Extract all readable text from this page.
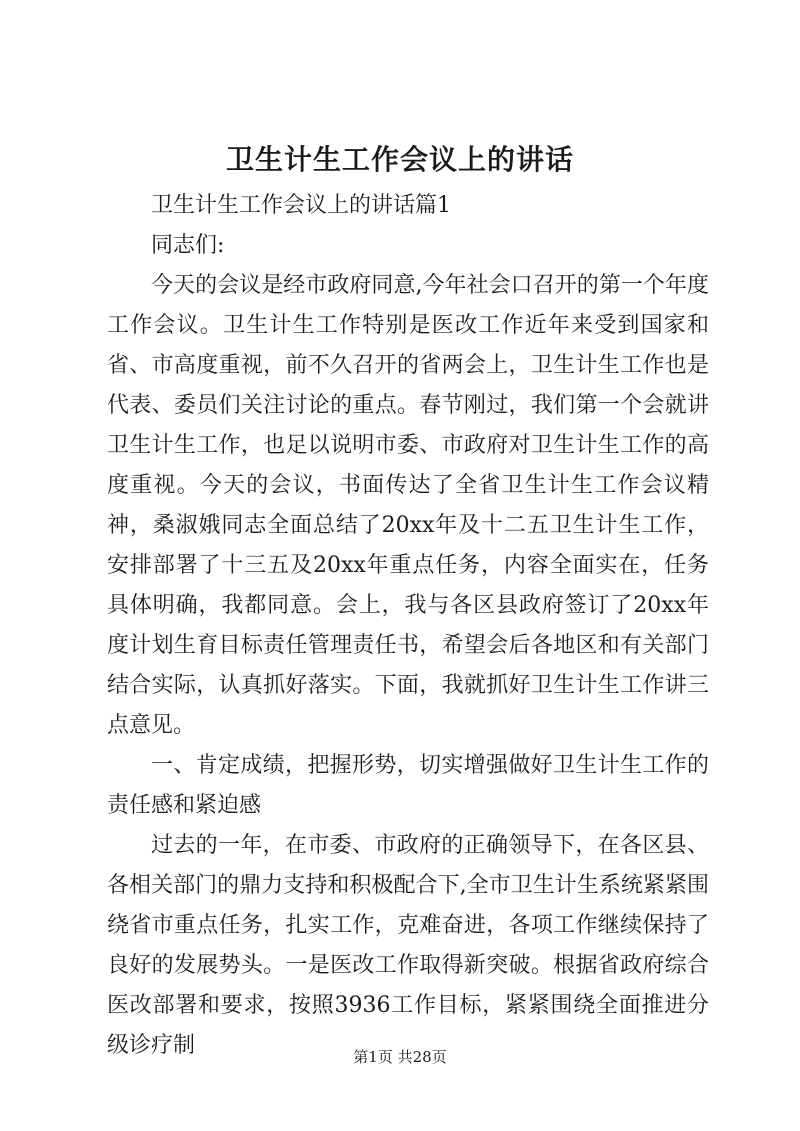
卫生计生工作会议上的讲话

卫生计生工作会议上的讲话篇1

同志们:

今天的会议是经市政府同意,今年社会口召开的第一个年度工作会议。卫生计生工作特别是医改工作近年来受到国家和省、市高度重视，前不久召开的省两会上，卫生计生工作也是代表、委员们关注讨论的重点。春节刚过，我们第一个会就讲卫生计生工作，也足以说明市委、市政府对卫生计生工作的高度重视。今天的会议，书面传达了全省卫生计生工作会议精神，桑淑娥同志全面总结了20xx年及十二五卫生计生工作，安排部署了十三五及20xx年重点任务，内容全面实在，任务具体明确，我都同意。会上，我与各区县政府签订了20xx年度计划生育目标责任管理责任书，希望会后各地区和有关部门结合实际，认真抓好落实。下面，我就抓好卫生计生工作讲三点意见。

一、肯定成绩，把握形势，切实增强做好卫生计生工作的责任感和紧迫感

过去的一年，在市委、市政府的正确领导下，在各区县、各相关部门的鼎力支持和积极配合下,全市卫生计生系统紧紧围绕省市重点任务，扎实工作，克难奋进，各项工作继续保持了良好的发展势头。一是医改工作取得新突破。根据省政府综合医改部署和要求，按照3936工作目标，紧紧围绕全面推进分级诊疗制	第1页 共28页
